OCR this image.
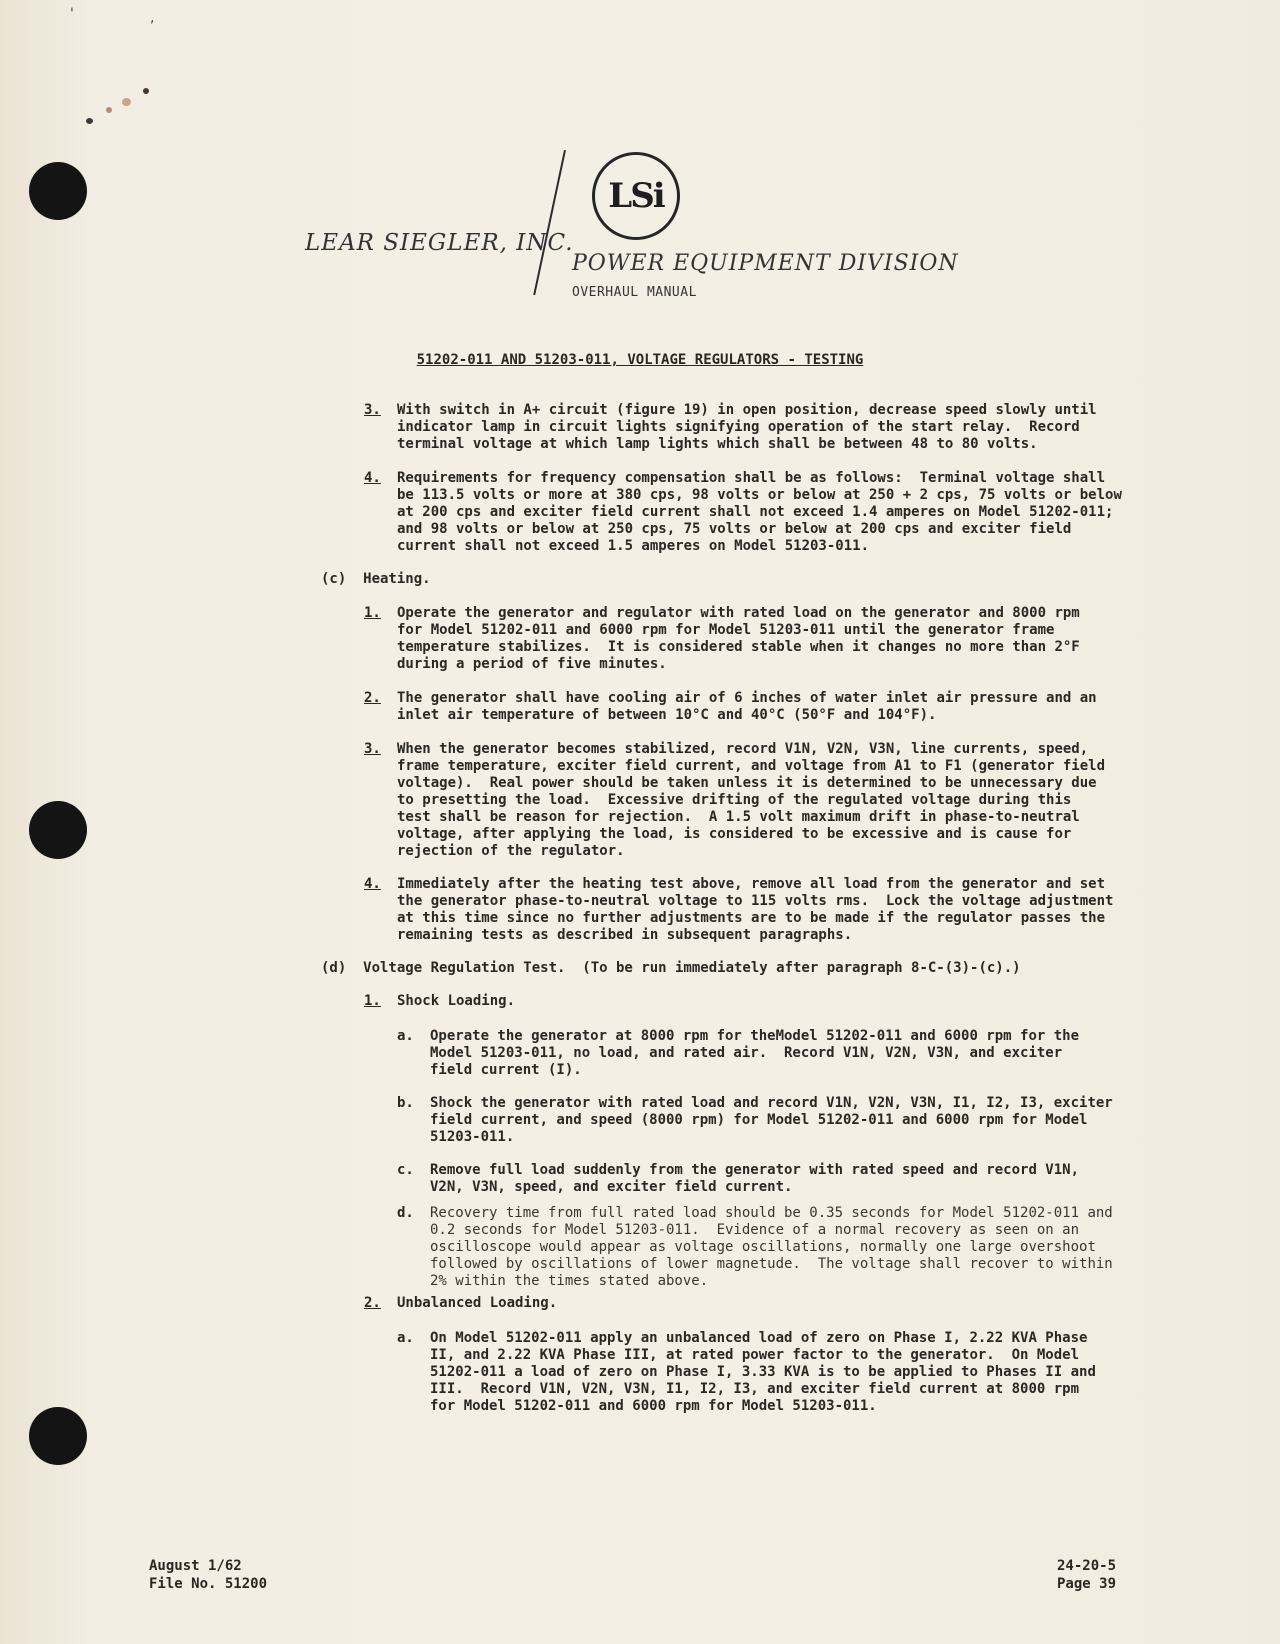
'	,
LSi
LEAR SIEGLER, INC.
POWER EQUIPMENT DIVISION
OVERHAUL MANUAL
51202-011 AND 51203-011, VOLTAGE REGULATORS - TESTING
3. With switch in A+ circuit (figure 19) in open position, decrease speed slowly until
indicator lamp in circuit lights signifying operation of the start relay.  Record
terminal voltage at which lamp lights which shall be between 48 to 80 volts.
4. Requirements for frequency compensation shall be as follows:  Terminal voltage shall
be 113.5 volts or more at 380 cps, 98 volts or below at 250 + 2 cps, 75 volts or below
at 200 cps and exciter field current shall not exceed 1.4 amperes on Model 51202-011;
and 98 volts or below at 250 cps, 75 volts or below at 200 cps and exciter field
current shall not exceed 1.5 amperes on Model 51203-011.
(c)  Heating.
1. Operate the generator and regulator with rated load on the generator and 8000 rpm
for Model 51202-011 and 6000 rpm for Model 51203-011 until the generator frame
temperature stabilizes.  It is considered stable when it changes no more than 2°F
during a period of five minutes.
2. The generator shall have cooling air of 6 inches of water inlet air pressure and an
inlet air temperature of between 10°C and 40°C (50°F and 104°F).
3. When the generator becomes stabilized, record V1N, V2N, V3N, line currents, speed,
frame temperature, exciter field current, and voltage from A1 to F1 (generator field
voltage).  Real power should be taken unless it is determined to be unnecessary due
to presetting the load.  Excessive drifting of the regulated voltage during this
test shall be reason for rejection.  A 1.5 volt maximum drift in phase-to-neutral
voltage, after applying the load, is considered to be excessive and is cause for
rejection of the regulator.
4. Immediately after the heating test above, remove all load from the generator and set
the generator phase-to-neutral voltage to 115 volts rms.  Lock the voltage adjustment
at this time since no further adjustments are to be made if the regulator passes the
remaining tests as described in subsequent paragraphs.
(d)  Voltage Regulation Test.  (To be run immediately after paragraph 8-C-(3)-(c).)
1. Shock Loading.
a. Operate the generator at 8000 rpm for theModel 51202-011 and 6000 rpm for the
Model 51203-011, no load, and rated air.  Record V1N, V2N, V3N, and exciter
field current (I).
b. Shock the generator with rated load and record V1N, V2N, V3N, I1, I2, I3, exciter
field current, and speed (8000 rpm) for Model 51202-011 and 6000 rpm for Model
51203-011.
c. Remove full load suddenly from the generator with rated speed and record V1N,
V2N, V3N, speed, and exciter field current.
d. Recovery time from full rated load should be 0.35 seconds for Model 51202-011 and
0.2 seconds for Model 51203-011.  Evidence of a normal recovery as seen on an
oscilloscope would appear as voltage oscillations, normally one large overshoot
followed by oscillations of lower magnetude.  The voltage shall recover to within
2% within the times stated above.
2. Unbalanced Loading.
a. On Model 51202-011 apply an unbalanced load of zero on Phase I, 2.22 KVA Phase
II, and 2.22 KVA Phase III, at rated power factor to the generator.  On Model
51202-011 a load of zero on Phase I, 3.33 KVA is to be applied to Phases II and
III.  Record V1N, V2N, V3N, I1, I2, I3, and exciter field current at 8000 rpm
for Model 51202-011 and 6000 rpm for Model 51203-011.
August 1/62
File No. 51200
24-20-5
Page 39
